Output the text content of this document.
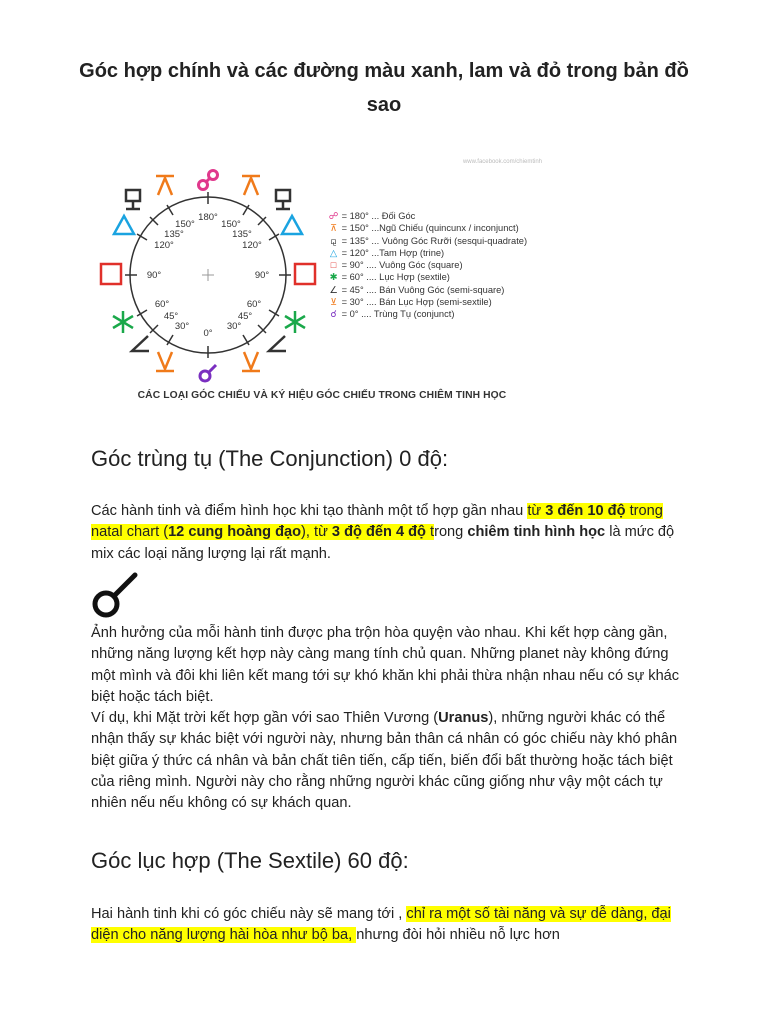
Góc hợp chính và các đường màu xanh, lam và đỏ trong bản đồ sao
www.facebook.com/chiemtinh
180°
0°
90°	90°
150°	150°
135°	135°
120°	120°
60°	60°
45°	45°
30°	30°
☍ = 180° ... Đối Góc
⊼ = 150° ...Ngũ Chiếu (quincunx / inconjunct)
⚼ = 135° ... Vuông Góc Rưỡi (sesqui-quadrate)
△ = 120° ...Tam Hợp (trine)
□ = 90° .... Vuông Góc (square)
✱ = 60° .... Lục Hợp (sextile)
∠ = 45° .... Bán Vuông Góc (semi-square)
⊻ = 30° .... Bán Lục Hợp (semi-sextile)
☌ = 0° .... Trùng Tụ (conjunct)
CÁC LOẠI GÓC CHIẾU VÀ KÝ HIỆU GÓC CHIẾU TRONG CHIÊM TINH HỌC
Góc trùng tụ (The Conjunction) 0 độ:

Các hành tinh và điểm hình học khi tạo thành một tổ hợp gần nhau từ 3 đến 10 độ trong natal chart (12 cung hoàng đạo), từ 3 độ đến 4 độ trong chiêm tinh hình học là mức độ mix các loại năng lượng lại rất mạnh.

Ảnh hưởng của mỗi hành tinh được pha trộn hòa quyện vào nhau. Khi kết hợp càng gần, những năng lượng kết hợp này càng mang tính chủ quan. Những planet này không đứng một mình và đôi khi liên kết mang tới sự khó khăn khi phải thừa nhận nhau nếu có sự khác biệt hoặc tách biệt.

Ví dụ, khi Mặt trời kết hợp gần với sao Thiên Vương (Uranus), những người khác có thể nhận thấy sự khác biệt với người này, nhưng bản thân cá nhân có góc chiếu này khó phân biệt giữa ý thức cá nhân và bản chất tiên tiến, cấp tiến, biến đổi bất thường hoặc tách biệt của riêng mình. Người này cho rằng những người khác cũng giống như vậy một cách tự nhiên nếu nếu không có sự khách quan.

Góc lục hợp (The Sextile) 60 độ:

Hai hành tinh khi có góc chiếu này sẽ mang tới , chỉ ra một số tài năng và sự dễ dàng, đại diện cho năng lượng hài hòa như bộ ba, nhưng đòi hỏi nhiều nỗ lực hơn
